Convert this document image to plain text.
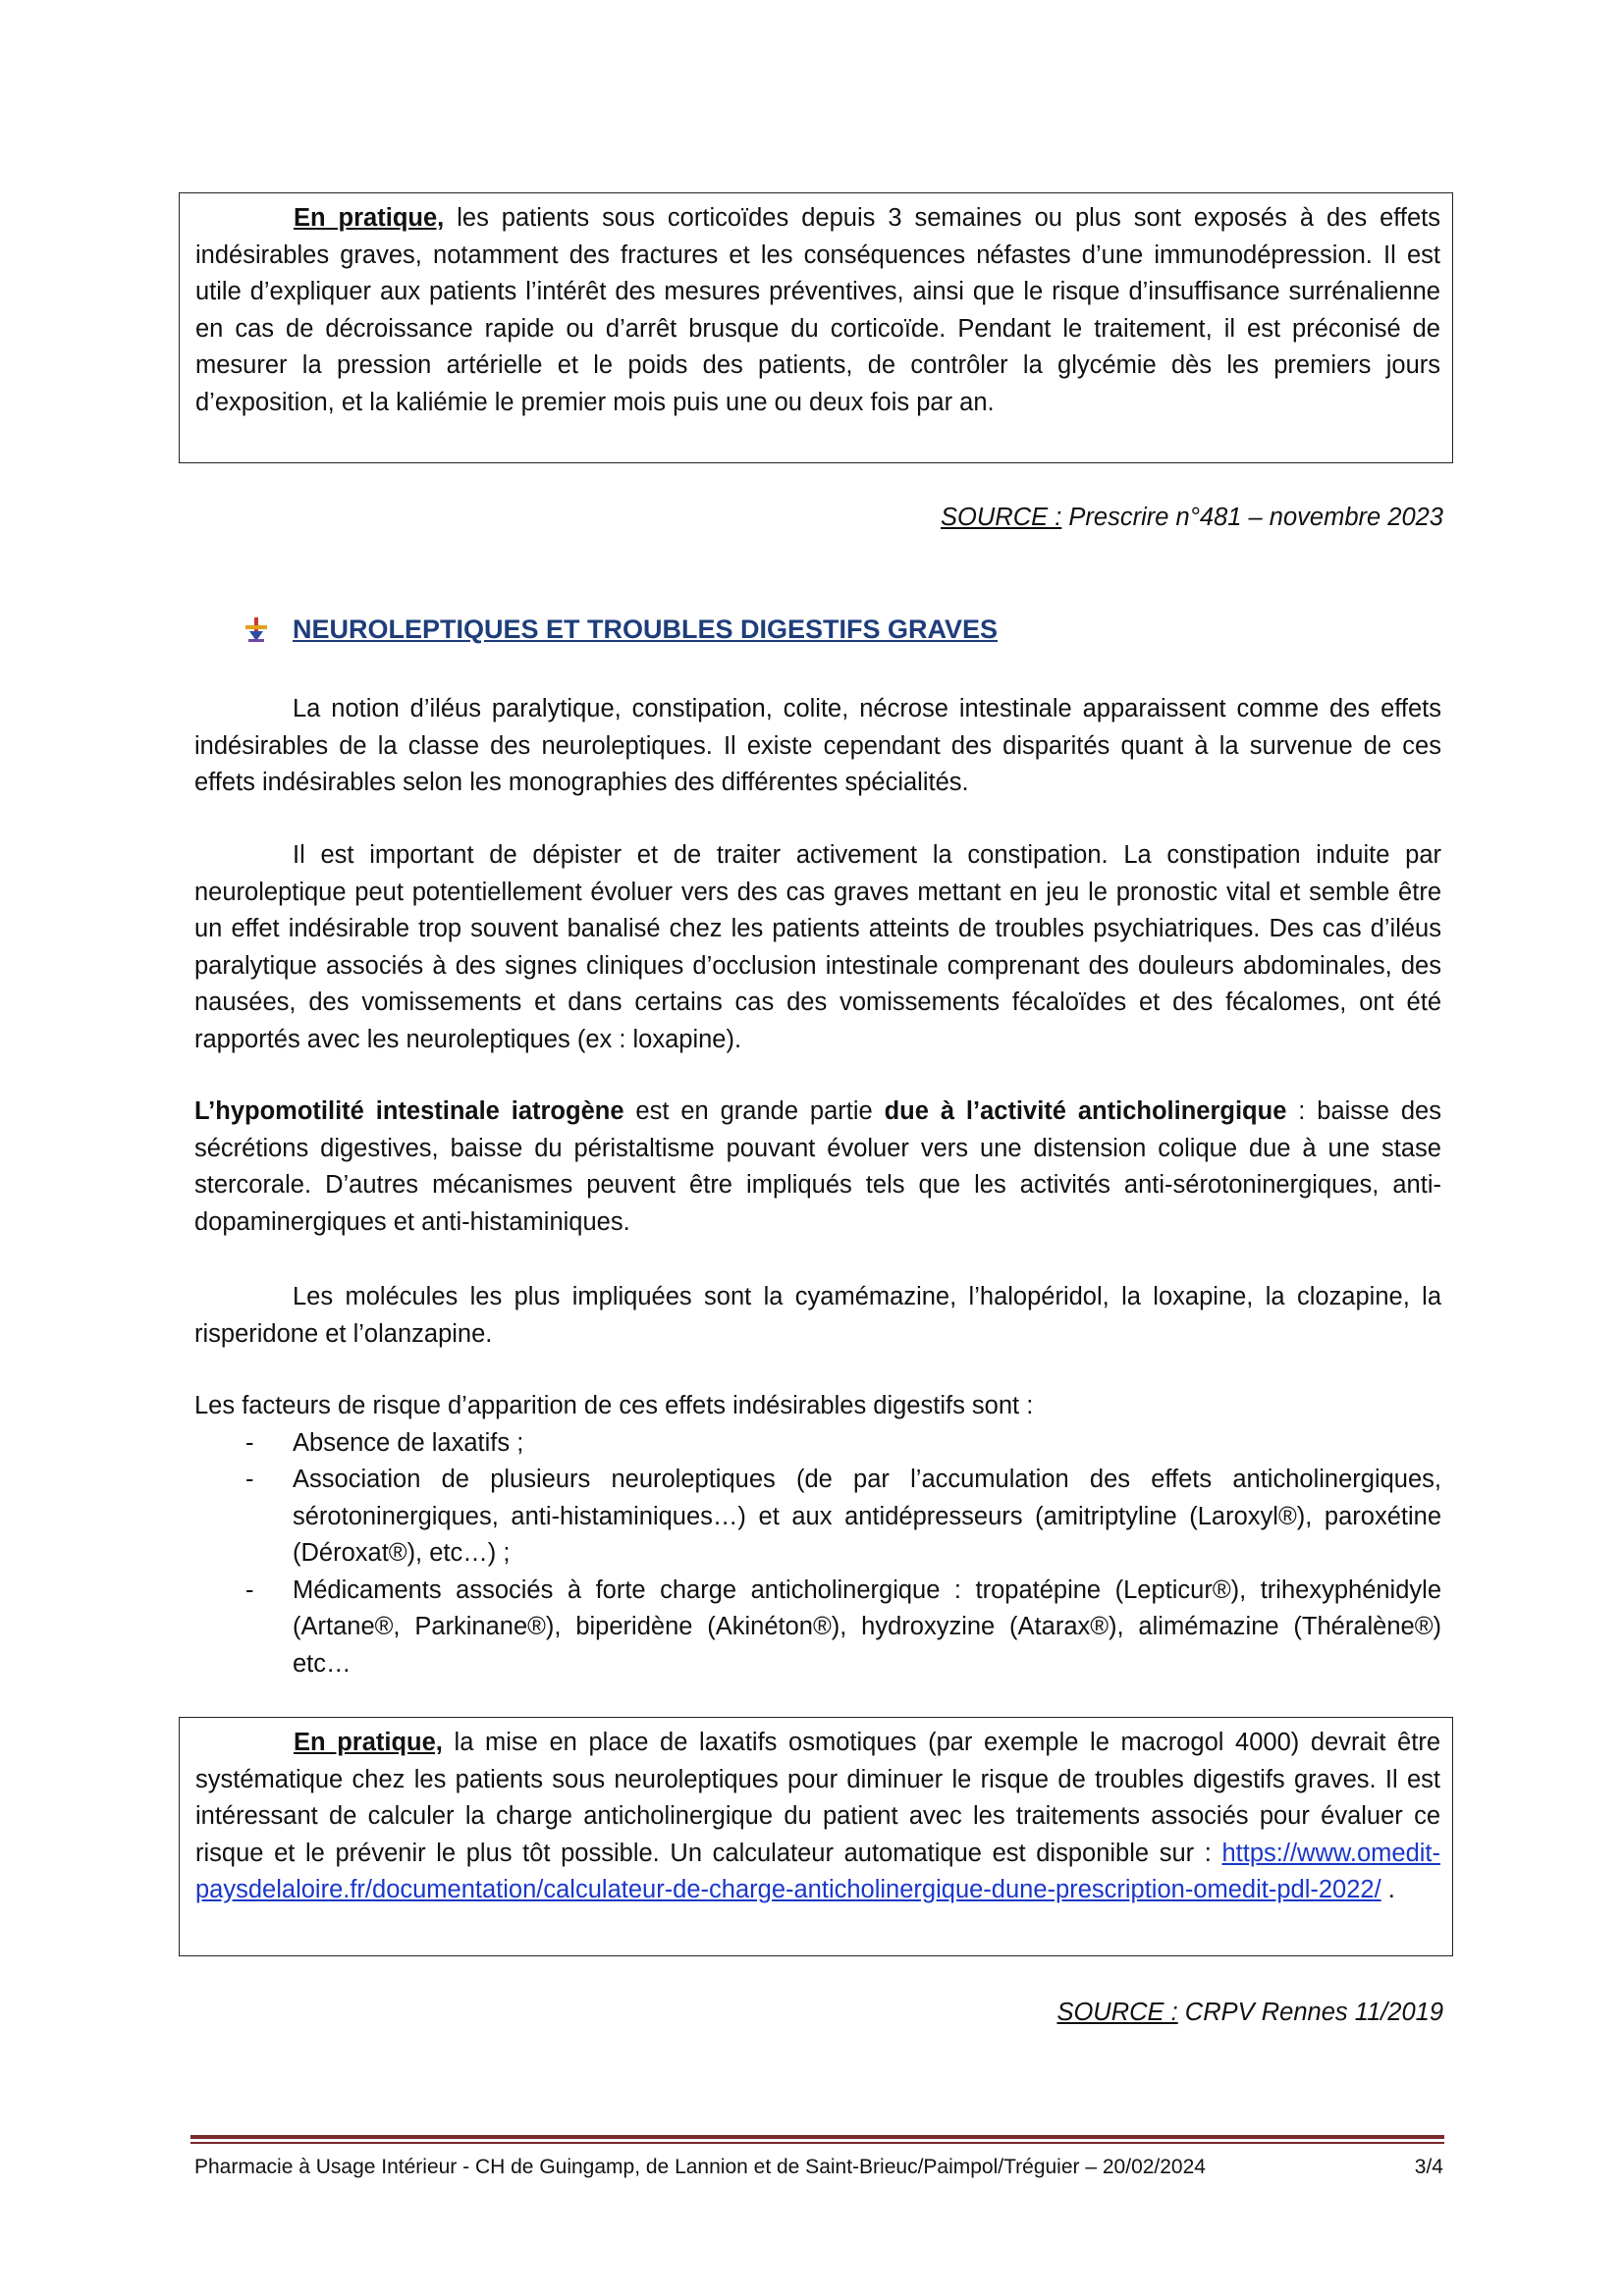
En pratique, les patients sous corticoïdes depuis 3 semaines ou plus sont exposés à des effets indésirables graves, notamment des fractures et les conséquences néfastes d’une immunodépression. Il est utile d’expliquer aux patients l’intérêt des mesures préventives, ainsi que le risque d’insuffisance surrénalienne en cas de décroissance rapide ou d’arrêt brusque du corticoïde. Pendant le traitement, il est préconisé de mesurer la pression artérielle et le poids des patients, de contrôler la glycémie dès les premiers jours d’exposition, et la kaliémie le premier mois puis une ou deux fois par an.
SOURCE : Prescrire n°481 – novembre 2023
NEUROLEPTIQUES ET TROUBLES DIGESTIFS GRAVES
La notion d’iléus paralytique, constipation, colite, nécrose intestinale apparaissent comme des effets indésirables de la classe des neuroleptiques. Il existe cependant des disparités quant à la survenue de ces effets indésirables selon les monographies des différentes spécialités.
Il est important de dépister et de traiter activement la constipation. La constipation induite par neuroleptique peut potentiellement évoluer vers des cas graves mettant en jeu le pronostic vital et semble être un effet indésirable trop souvent banalisé chez les patients atteints de troubles psychiatriques. Des cas d’iléus paralytique associés à des signes cliniques d’occlusion intestinale comprenant des douleurs abdominales, des nausées, des vomissements et dans certains cas des vomissements fécaloïdes et des fécalomes, ont été rapportés avec les neuroleptiques (ex : loxapine).
L’hypomotilité intestinale iatrogène est en grande partie due à l’activité anticholinergique : baisse des sécrétions digestives, baisse du péristaltisme pouvant évoluer vers une distension colique due à une stase stercorale. D’autres mécanismes peuvent être impliqués tels que les activités anti-sérotoninergiques, anti-dopaminergiques et anti-histaminiques.
Les molécules les plus impliquées sont la cyamémazine, l’halopéridol, la loxapine, la clozapine, la risperidone et l’olanzapine.
Les facteurs de risque d’apparition de ces effets indésirables digestifs sont :
- Absence de laxatifs ;
- Association de plusieurs neuroleptiques (de par l’accumulation des effets anticholinergiques, sérotoninergiques, anti-histaminiques…) et aux antidépresseurs (amitriptyline (Laroxyl®), paroxétine (Déroxat®), etc…) ;
- Médicaments associés à forte charge anticholinergique : tropatépine (Lepticur®), trihexyphénidyle (Artane®, Parkinane®), biperidène (Akinéton®), hydroxyzine (Atarax®), alimémazine (Théralène®) etc…
En pratique, la mise en place de laxatifs osmotiques (par exemple le macrogol 4000) devrait être systématique chez les patients sous neuroleptiques pour diminuer le risque de troubles digestifs graves. Il est intéressant de calculer la charge anticholinergique du patient avec les traitements associés pour évaluer ce risque et le prévenir le plus tôt possible. Un calculateur automatique est disponible sur : https://www.omedit-paysdelaloire.fr/documentation/calculateur-de-charge-anticholinergique-dune-prescription-omedit-pdl-2022/ .
SOURCE : CRPV Rennes 11/2019
Pharmacie à Usage Intérieur - CH de Guingamp, de Lannion et de Saint-Brieuc/Paimpol/Tréguier – 20/02/2024	3/4
